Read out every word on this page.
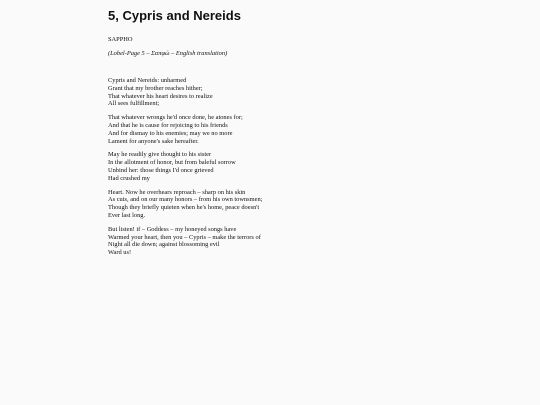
5, Cypris and Nereids
SAPPHO
(Lobel-Page 5 – Σαπφώ – English translation)
Cypris and Nereids: unharmed
Grant that my brother reaches hither;
That whatever his heart desires to realize
All sees fulfillment;
That whatever wrongs he'd once done, he atones for;
And that he is cause for rejoicing to his friends
And for dismay to his enemies; may we no more
Lament for anyone's sake hereafter.
May he readily give thought to his sister
In the allotment of honor, but from baleful sorrow
Unbind her: those things I'd once grieved
Had crushed my
Heart. Now he overhears reproach – sharp on his skin
As cuts, and on our many honors – from his own townsmen;
Though they briefly quieten when he's home, peace doesn't
Ever last long.
But listen! if – Goddess – my honeyed songs have
Warmed your heart, then you – Cypris – make the terrors of
Night all die down; against blossoming evil
Ward us!
